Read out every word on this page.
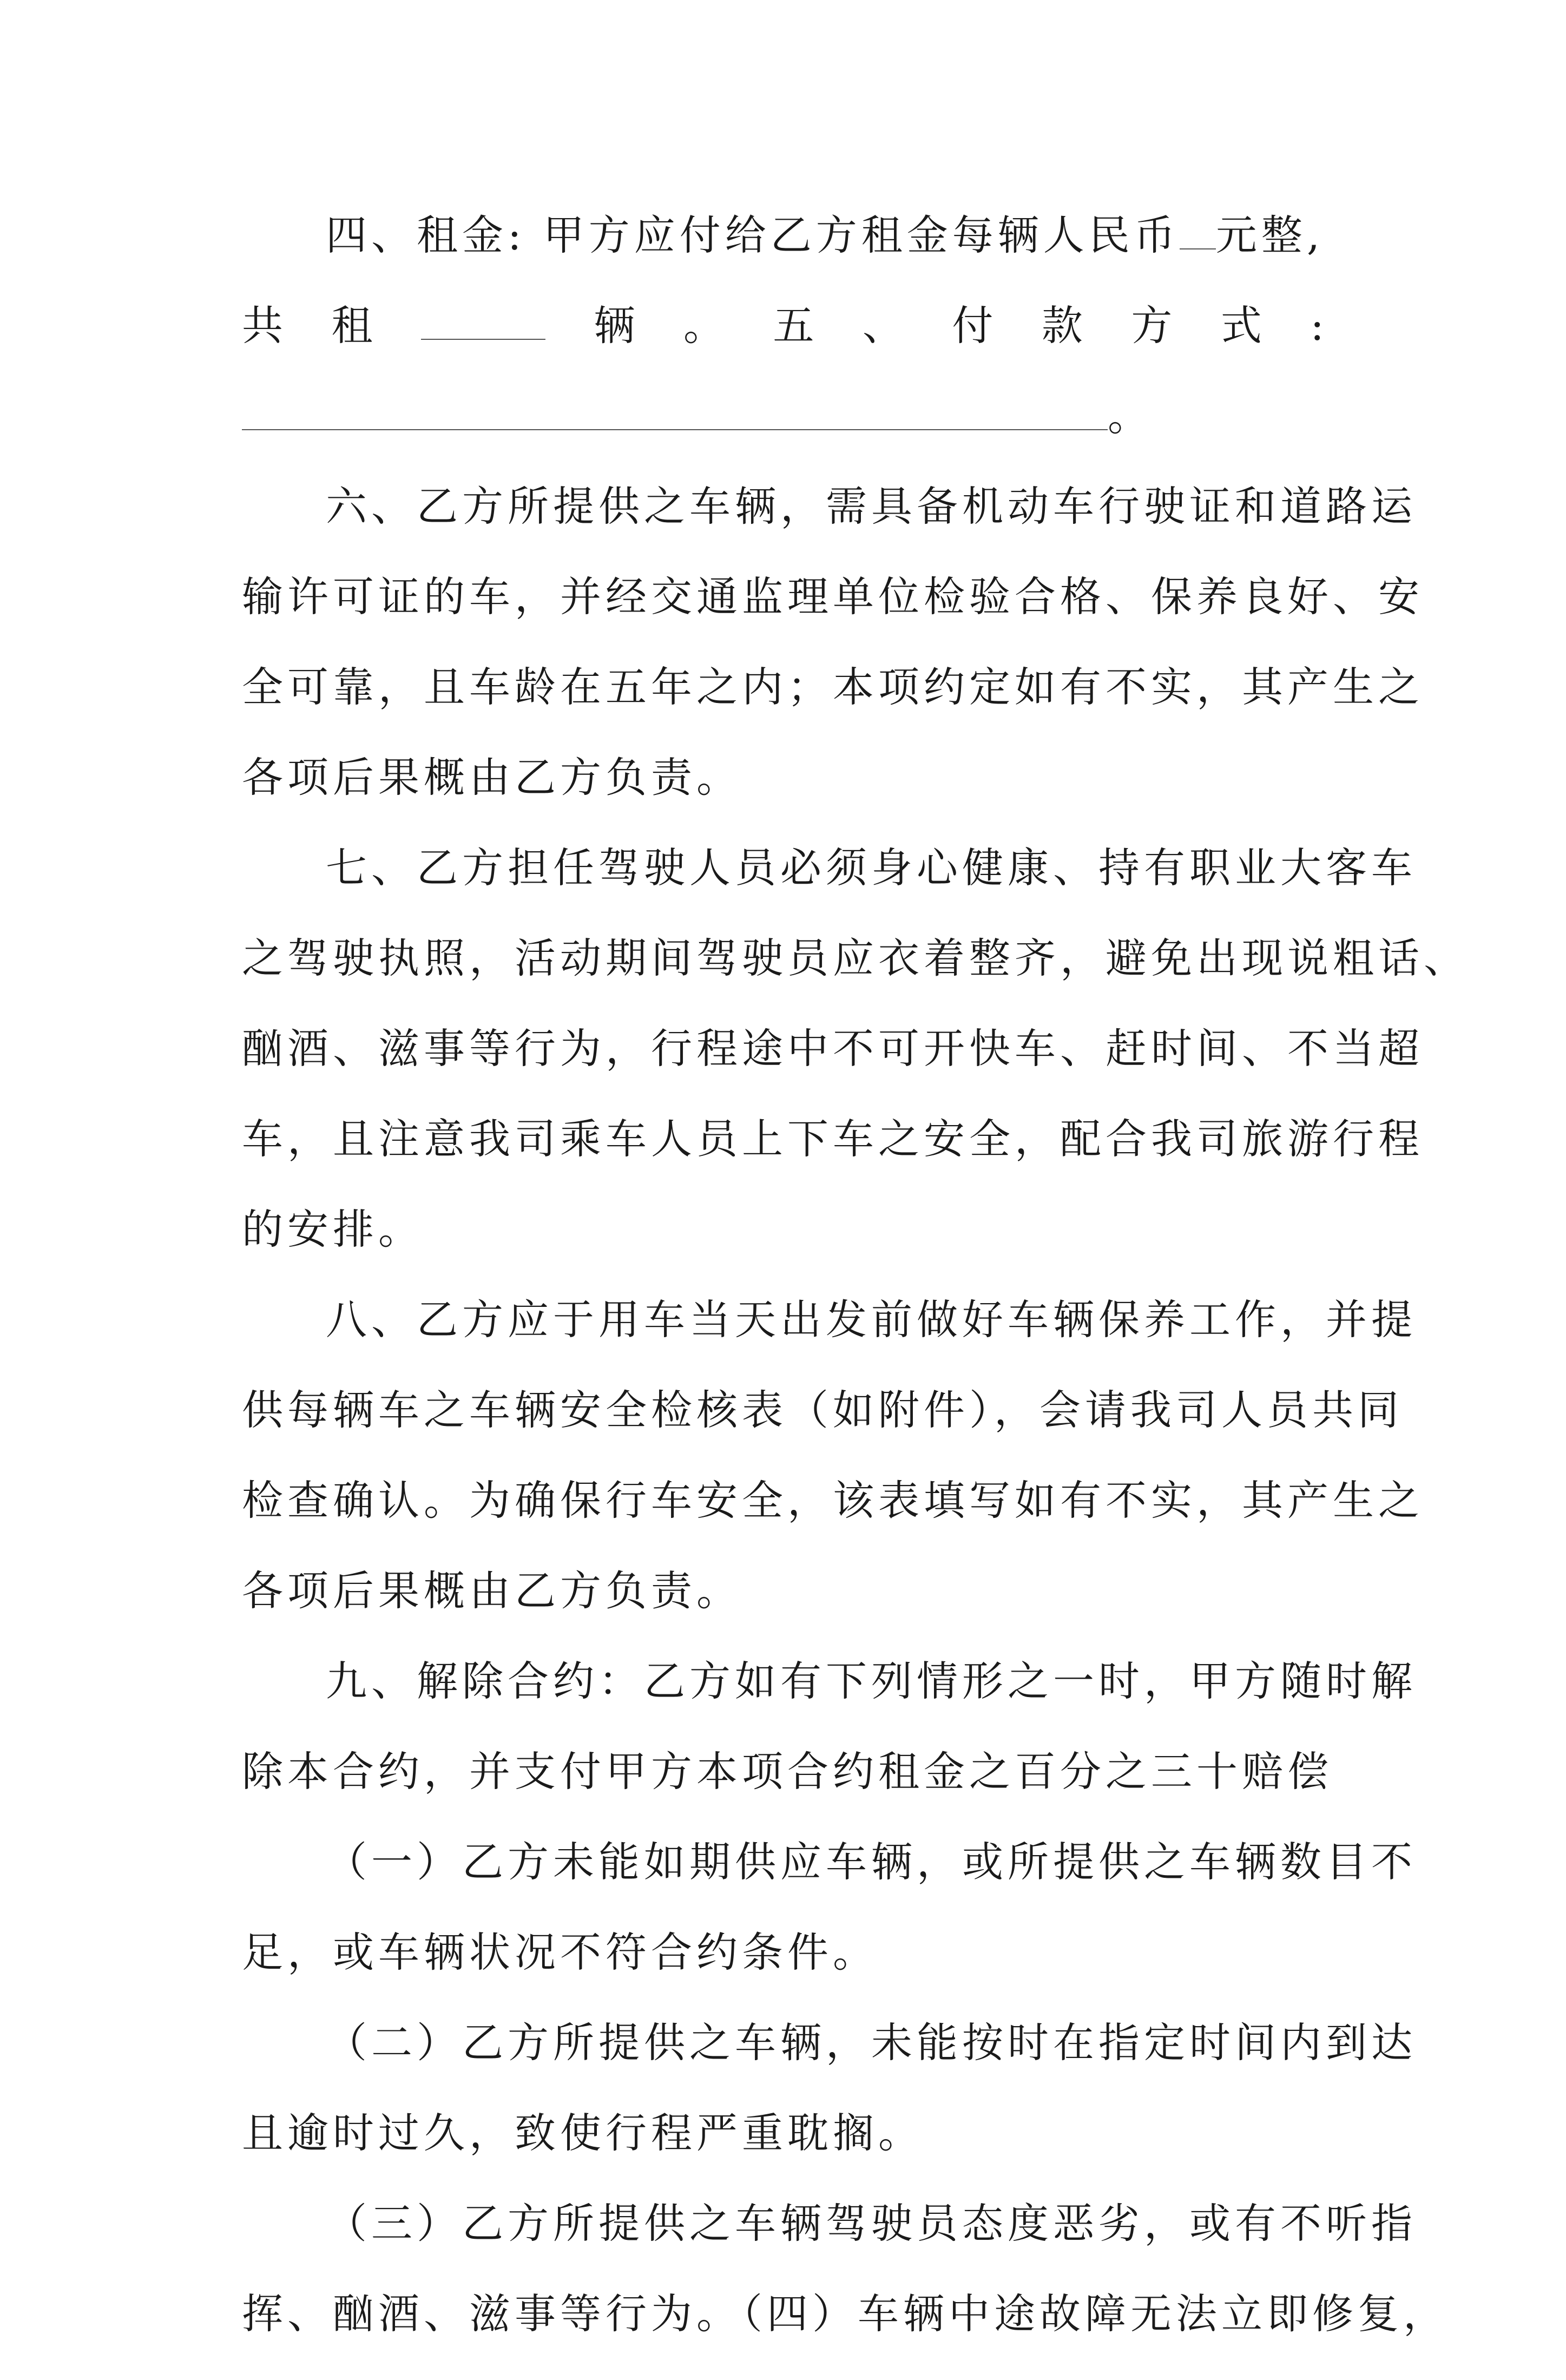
四、租金: 甲方应付给乙方租金每辆人民币 元整,
共 租	辆 。 五 、 付 款 方 式 :
。
六、乙方所提供之车辆，需具备机动车行驶证和道路运
输许可证的车，并经交通监理单位检验合格、保养良好、安
全可靠，且车龄在五年之内；本项约定如有不实，其产生之
各项后果概由乙方负责。
七、乙方担任驾驶人员必须身心健康、持有职业大客车
之驾驶执照，活动期间驾驶员应衣着整齐，避免出现说粗话、
酗酒、滋事等行为，行程途中不可开快车、赶时间、不当超
车，且注意我司乘车人员上下车之安全，配合我司旅游行程
的安排。
八、乙方应于用车当天出发前做好车辆保养工作，并提
供每辆车之车辆安全检核表（如附件），会请我司人员共同
检查确认。为确保行车安全，该表填写如有不实，其产生之
各项后果概由乙方负责。
九、解除合约：乙方如有下列情形之一时，甲方随时解
除本合约，并支付甲方本项合约租金之百分之三十赔偿
（一）乙方未能如期供应车辆，或所提供之车辆数目不
足，或车辆状况不符合约条件。
（二）乙方所提供之车辆，未能按时在指定时间内到达
且逾时过久，致使行程严重耽搁。
（三）乙方所提供之车辆驾驶员态度恶劣，或有不听指
挥、酗酒、滋事等行为。（四）车辆中途故障无法立即修复，
